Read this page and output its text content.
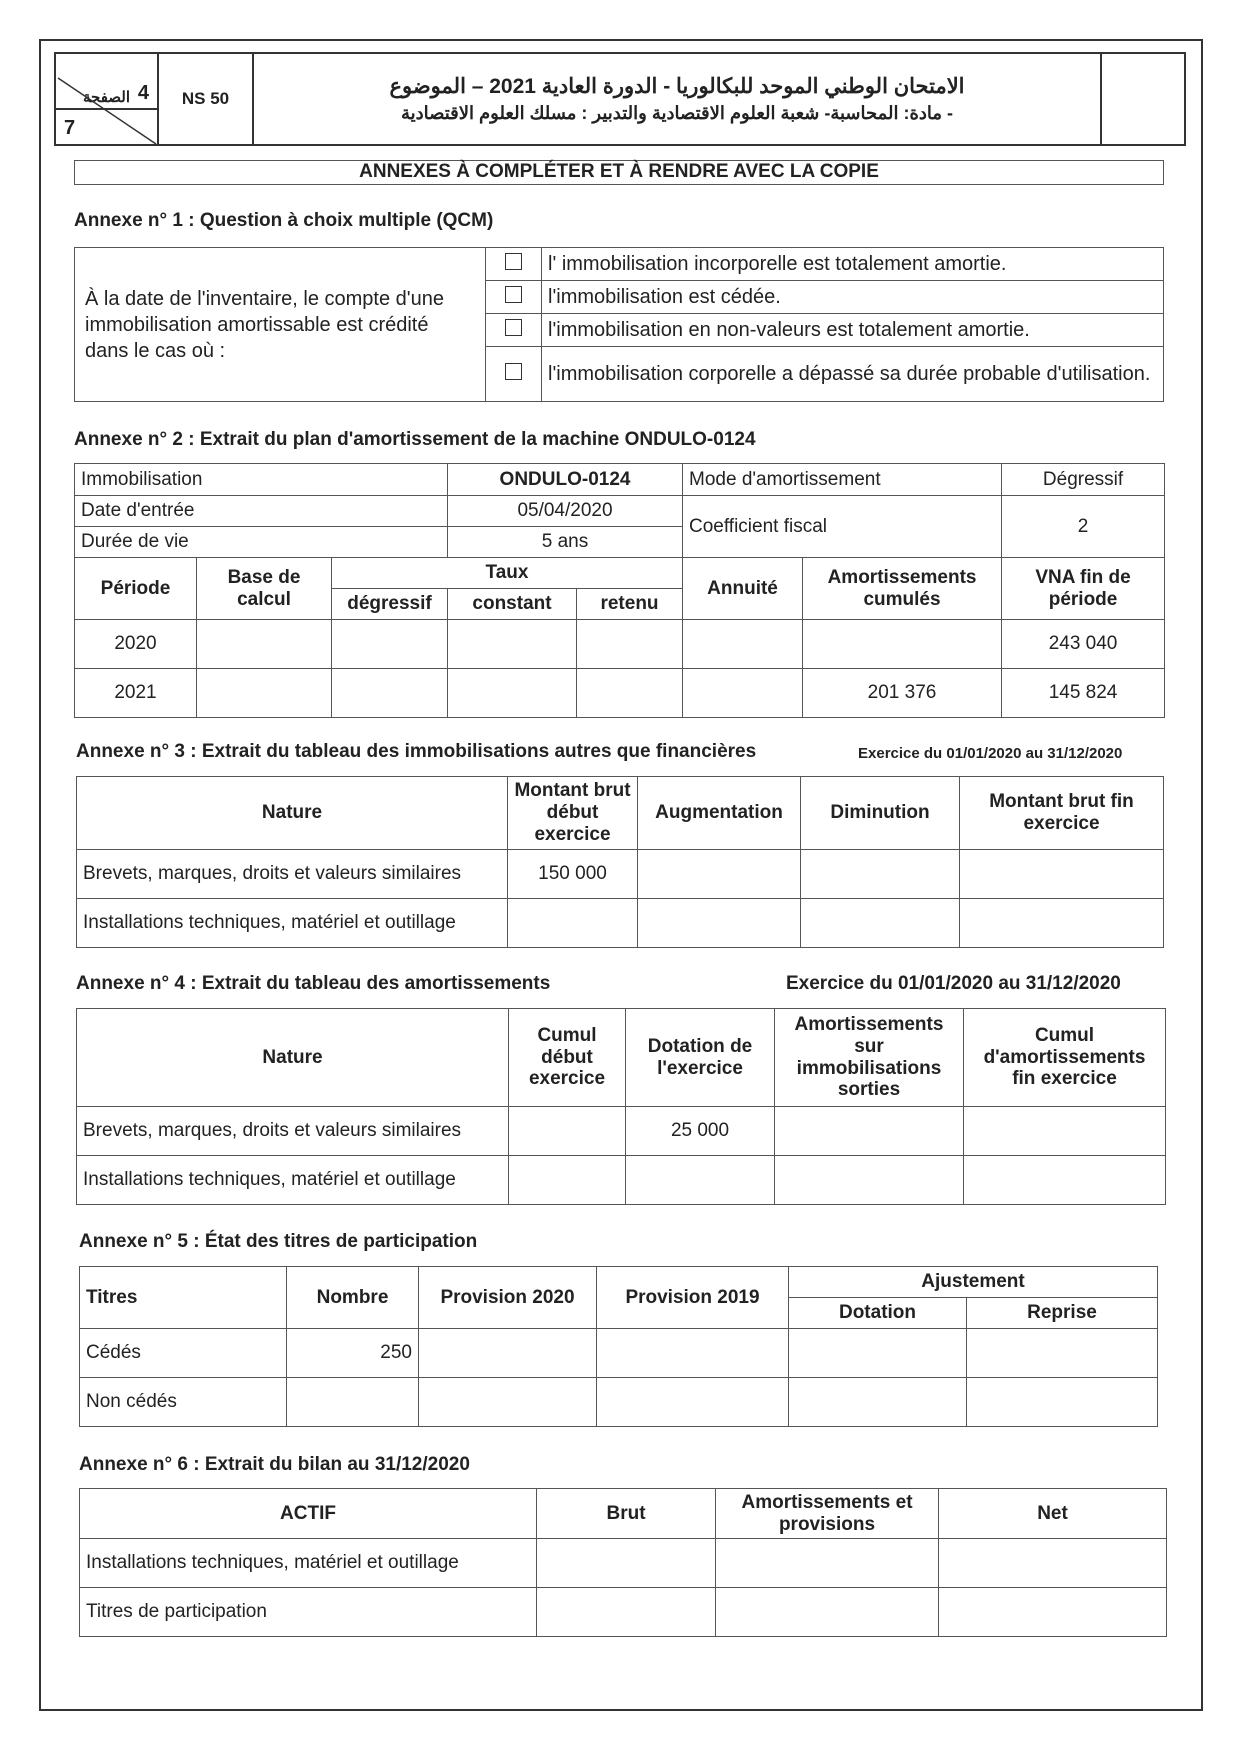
الصفحة 4
7
	NS 50	
الامتحان الوطني الموحد للبكالوريا - الدورة العادية 2021 – الموضوع
- مادة: المحاسبة- شعبة العلوم الاقتصادية والتدبير : مسلك العلوم الاقتصادية

ANNEXES À COMPLÉTER ET À RENDRE AVEC LA COPIE
Annexe n° 1 : Question à choix multiple (QCM)
À la date de l'inventaire, le compte d'une immobilisation amortissable est crédité dans le cas où :		l' immobilisation incorporelle est totalement amortie.
		l'immobilisation est cédée.
		l'immobilisation en non-valeurs est totalement amortie.
		l'immobilisation corporelle a dépassé sa durée probable d'utilisation.
Annexe n° 2 : Extrait du plan d'amortissement de la machine ONDULO-0124
Immobilisation			ONDULO-0124		Mode d'amortissement		Dégressif
Date d'entrée			05/04/2020		Coefficient fiscal		2
Durée de vie			5 ans				
Période	Base de calcul	Taux			Annuité	Amortissements cumulés	VNA fin de période
		dégressif	constant	retenu			
2020							243 040
2021						201 376	145 824
Annexe n° 3 : Extrait du tableau des immobilisations autres que financières	Exercice du 01/01/2020 au 31/12/2020
Nature	Montant brut début exercice	Augmentation	Diminution	Montant brut fin exercice
Brevets, marques, droits et valeurs similaires	150 000			
Installations techniques, matériel et outillage				
Annexe n° 4 : Extrait du tableau des amortissements	Exercice du 01/01/2020 au 31/12/2020
Nature	Cumul début exercice	Dotation de l'exercice	Amortissements sur immobilisations sorties	Cumul d'amortissements fin exercice
Brevets, marques, droits et valeurs similaires		25 000		
Installations techniques, matériel et outillage				
Annexe n° 5 : État des titres de participation
Titres	Nombre	Provision 2020	Provision 2019	Ajustement	
				Dotation	Reprise
Cédés	250				
Non cédés					
Annexe n° 6 : Extrait du bilan au 31/12/2020
ACTIF	Brut	Amortissements et provisions	Net
Installations techniques, matériel et outillage			
Titres de participation			
